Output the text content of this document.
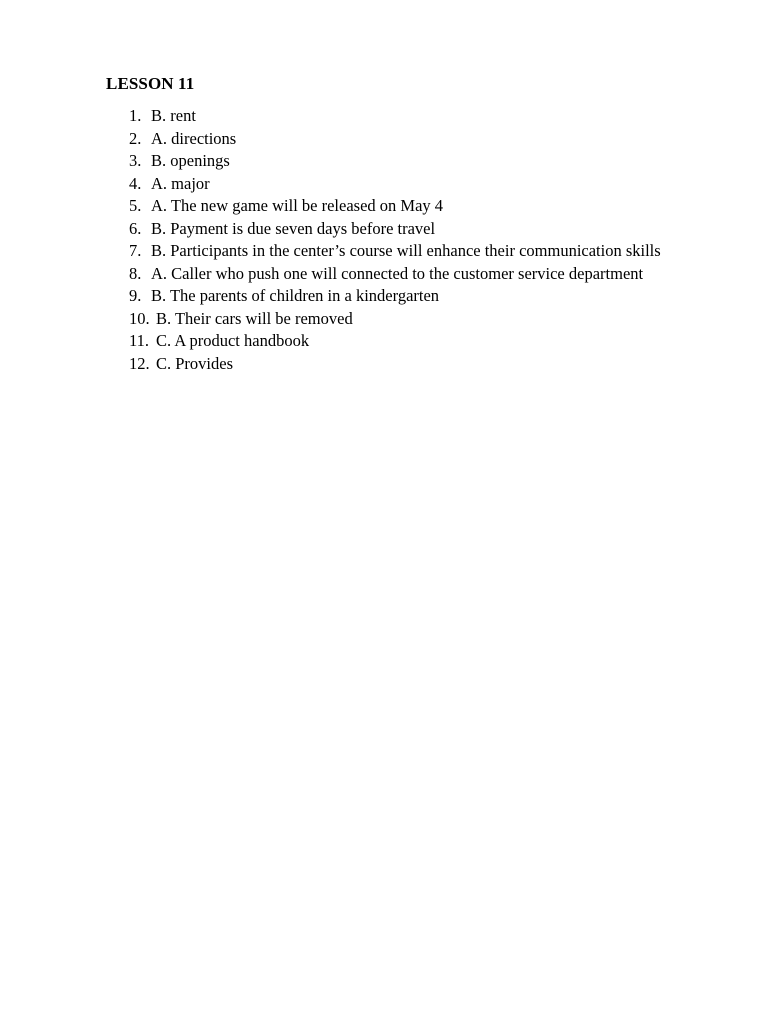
LESSON 11
1. B. rent
2. A. directions
3. B. openings
4. A. major
5. A. The new game will be released on May 4
6. B. Payment is due seven days before travel
7. B. Participants in the center’s course will enhance their communication skills
8. A. Caller who push one will connected to the customer service department
9. B. The parents of children in a kindergarten
10. B. Their cars will be removed
11. C. A product handbook
12. C. Provides
